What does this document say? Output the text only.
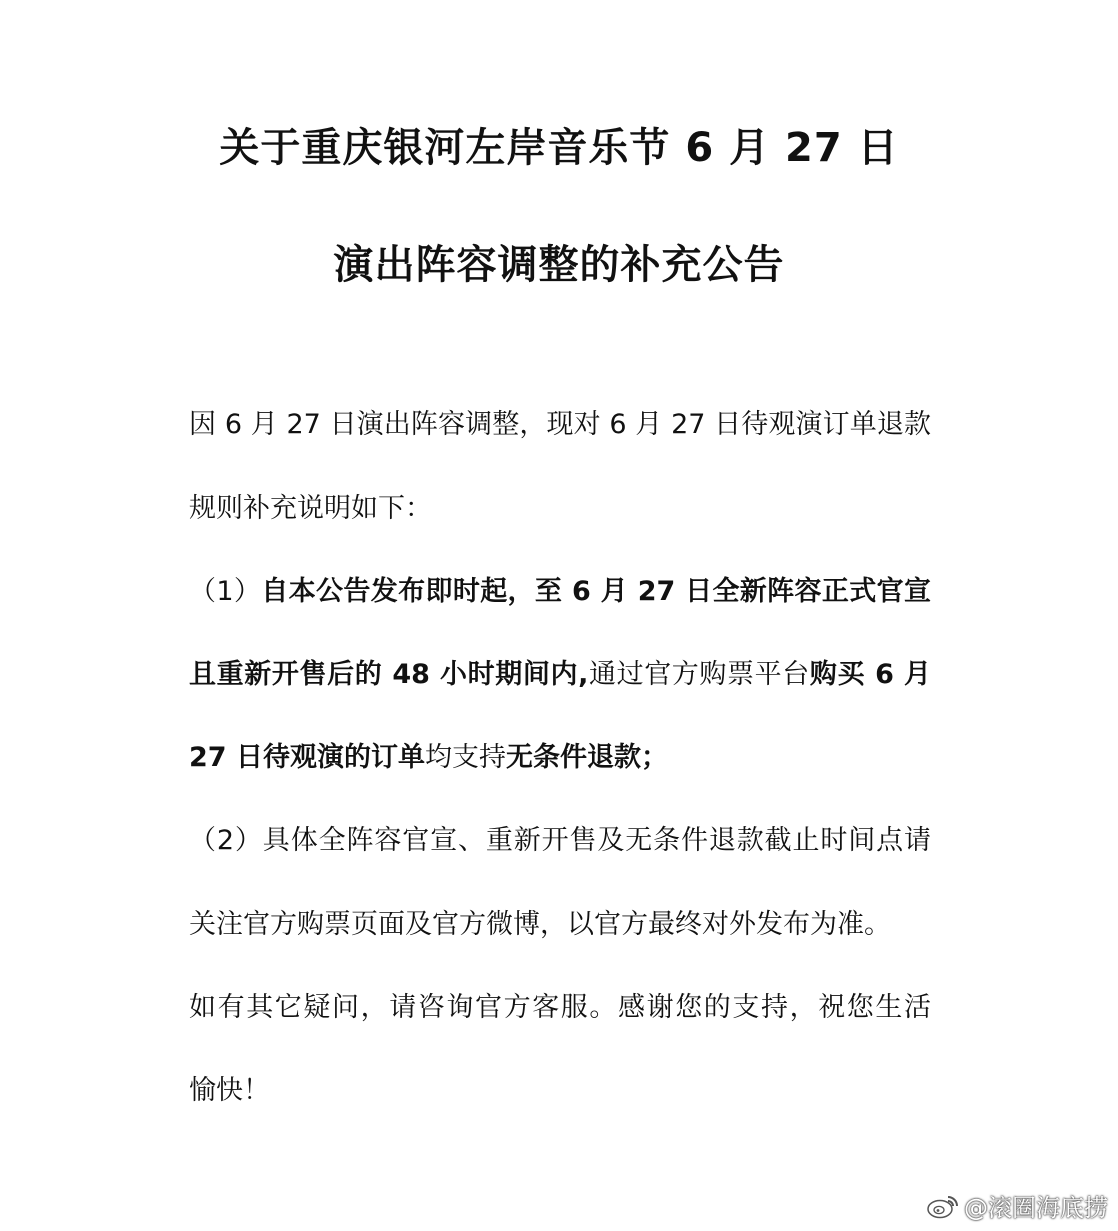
关于重庆银河左岸音乐节 6 月 27 日
演出阵容调整的补充公告
因 6 月 27 日演出阵容调整，现对 6 月 27 日待观演订单退款
规则补充说明如下：
（1）自本公告发布即时起，至 6 月 27 日全新阵容正式官宣
且重新开售后的 48 小时期间内,通过官方购票平台购买 6 月
27 日待观演的订单均支持无条件退款；
（2）具体全阵容官宣、重新开售及无条件退款截止时间点请
关注官方购票页面及官方微博，以官方最终对外发布为准。
如有其它疑问，请咨询官方客服。感谢您的支持，祝您生活
愉快！
@滚圈海底捞
